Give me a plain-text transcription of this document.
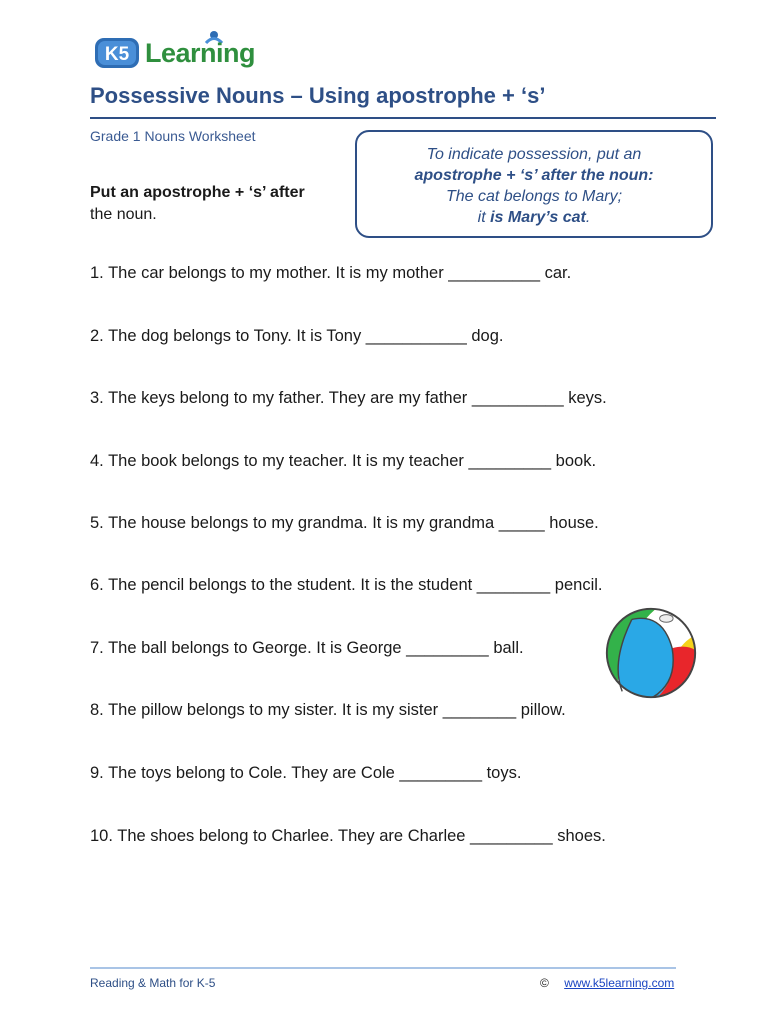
K5 Learning
Possessive Nouns – Using apostrophe + ‘s’
Grade 1 Nouns Worksheet
Put an apostrophe + ‘s’ after
the noun.
To indicate possession, put an
apostrophe + ‘s’ after the noun:
The cat belongs to Mary;
it is Mary’s cat.
1. The car belongs to my mother. It is my mother __________ car.
2. The dog belongs to Tony. It is Tony ___________ dog.
3. The keys belong to my father. They are my father __________ keys.
4. The book belongs to my teacher. It is my teacher _________ book.
5. The house belongs to my grandma. It is my grandma _____ house.
6. The pencil belongs to the student. It is the student ________ pencil.
7. The ball belongs to George. It is George _________ ball.
8. The pillow belongs to my sister. It is my sister ________ pillow.
9. The toys belong to Cole. They are Cole _________ toys.
10. The shoes belong to Charlee. They are Charlee _________ shoes.
Reading & Math for K-5	© www.k5learning.com
